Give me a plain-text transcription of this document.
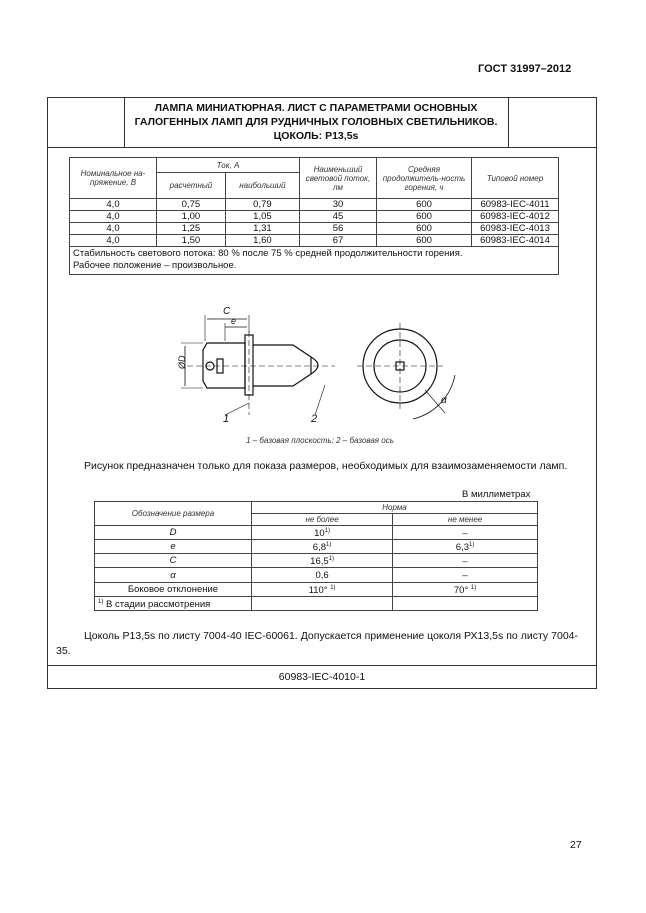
ГОСТ 31997–2012
ЛАМПА МИНИАТЮРНАЯ. ЛИСТ С ПАРАМЕТРАМИ ОСНОВНЫХ ГАЛОГЕННЫХ ЛАМП ДЛЯ РУДНИЧНЫХ ГОЛОВНЫХ СВЕТИЛЬНИКОВ. ЦОКОЛЬ: Р13,5s
Номинальное на-пряжение, В	Ток, А		Наименьший световой поток, лм	Средняя продолжитель-ность горения, ч	Типовой номер
	расчетный	наибольший			
4,0	0,75	0,79	30	600	60983-IEC-4011
4,0	1,00	1,05	45	600	60983-IEC-4012
4,0	1,25	1,31	56	600	60983-IEC-4013
4,0	1,50	1,60	67	600	60983-IEC-4014

Стабильность светового потока: 80 % после 75 % средней продолжительности горения.
Рабочее положение – произвольное.					
C
e
ØD
1	2
α
1 – базовая плоскость; 2 – базовая ось
Рисунок предназначен только для показа размеров, необходимых для взаимозаменяемости ламп.
В миллиметрах
Обозначение размера	Норма	
	не более	не менее
D	10$^{1)}$	–
e	6,8$^{1)}$	6,3$^{1)}$
C	16,5$^{1)}$	–
α	0,6	–
Боковое отклонение	110° $^{1)}$	70° $^{1)}$
$^{1)}$ В стадии рассмотрения		
Цоколь Р13,5s по листу 7004-40 IEC-60061. Допускается применение цоколя РХ13,5s по листу 7004-35.
60983-IEC-4010-1
27
